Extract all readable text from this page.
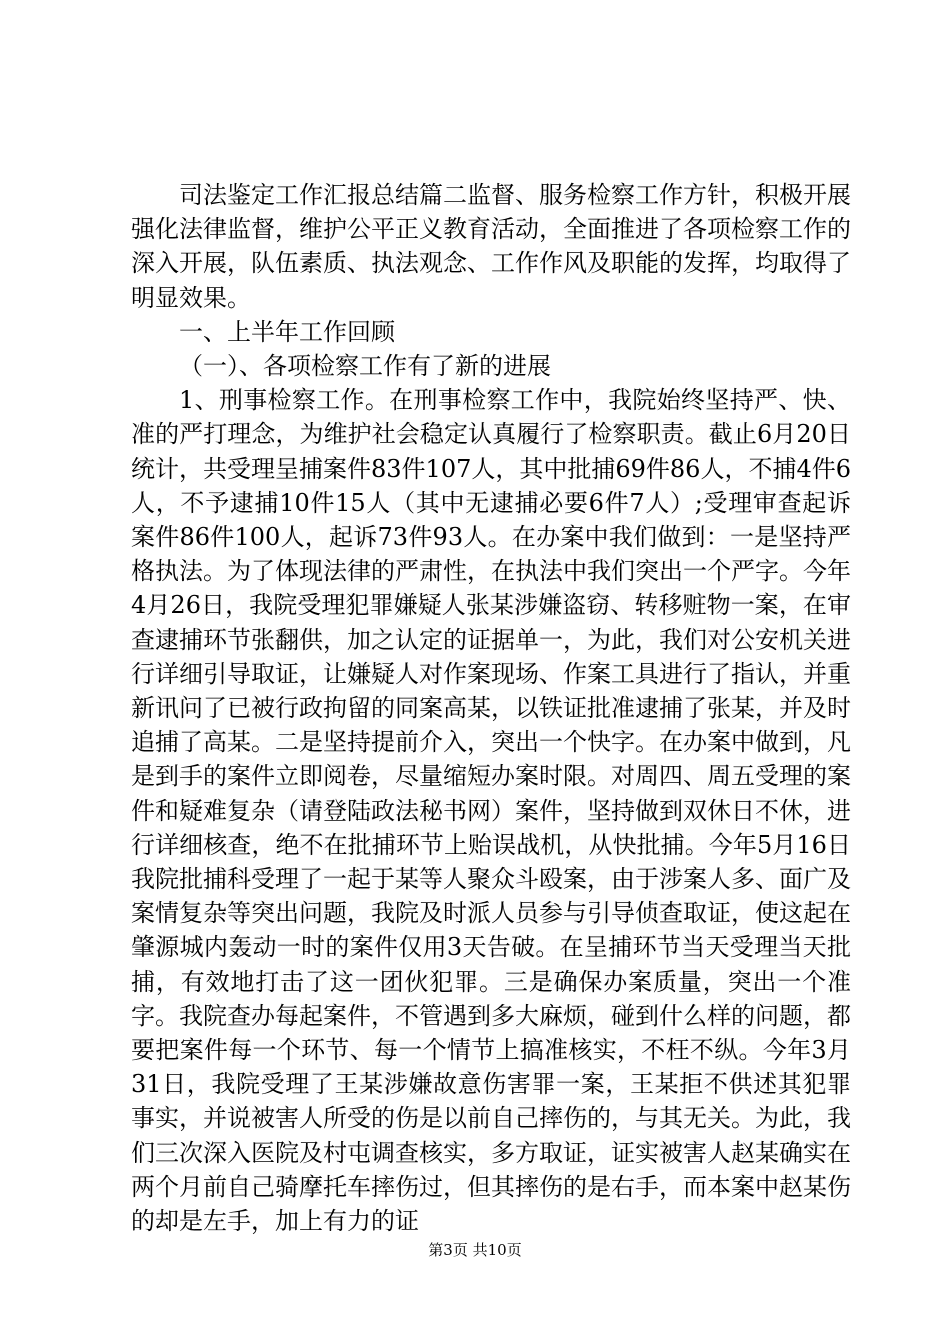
司法鉴定工作汇报总结篇二监督、服务检察工作方针，积极开展强化法律监督，维护公平正义教育活动，全面推进了各项检察工作的深入开展，队伍素质、执法观念、工作作风及职能的发挥，均取得了明显效果。

一、上半年工作回顾

（一）、各项检察工作有了新的进展

1、刑事检察工作。在刑事检察工作中，我院始终坚持严、快、准的严打理念，为维护社会稳定认真履行了检察职责。截止6月20日统计，共受理呈捕案件83件107人，其中批捕69件86人，不捕4件6人，不予逮捕10件15人（其中无逮捕必要6件7人）;受理审查起诉案件86件100人，起诉73件93人。在办案中我们做到：一是坚持严格执法。为了体现法律的严肃性，在执法中我们突出一个严字。今年4月26日，我院受理犯罪嫌疑人张某涉嫌盗窃、转移赃物一案，在审查逮捕环节张翻供，加之认定的证据单一，为此，我们对公安机关进行详细引导取证，让嫌疑人对作案现场、作案工具进行了指认，并重新讯问了已被行政拘留的同案高某，以铁证批准逮捕了张某，并及时追捕了高某。二是坚持提前介入，突出一个快字。在办案中做到，凡是到手的案件立即阅卷，尽量缩短办案时限。对周四、周五受理的案件和疑难复杂（请登陆政法秘书网）案件，坚持做到双休日不休，进行详细核查，绝不在批捕环节上贻误战机，从快批捕。今年5月16日我院批捕科受理了一起于某等人聚众斗殴案，由于涉案人多、面广及案情复杂等突出问题，我院及时派人员参与引导侦查取证，使这起在肇源城内轰动一时的案件仅用3天告破。在呈捕环节当天受理当天批捕，有效地打击了这一团伙犯罪。三是确保办案质量，突出一个准字。我院查办每起案件，不管遇到多大麻烦，碰到什么样的问题，都要把案件每一个环节、每一个情节上搞准核实，不枉不纵。今年3月31日，我院受理了王某涉嫌故意伤害罪一案，王某拒不供述其犯罪事实，并说被害人所受的伤是以前自己摔伤的，与其无关。为此，我们三次深入医院及村屯调查核实，多方取证，证实被害人赵某确实在两个月前自己骑摩托车摔伤过，但其摔伤的是右手，而本案中赵某伤的却是左手，加上有力的证

第3页 共10页
